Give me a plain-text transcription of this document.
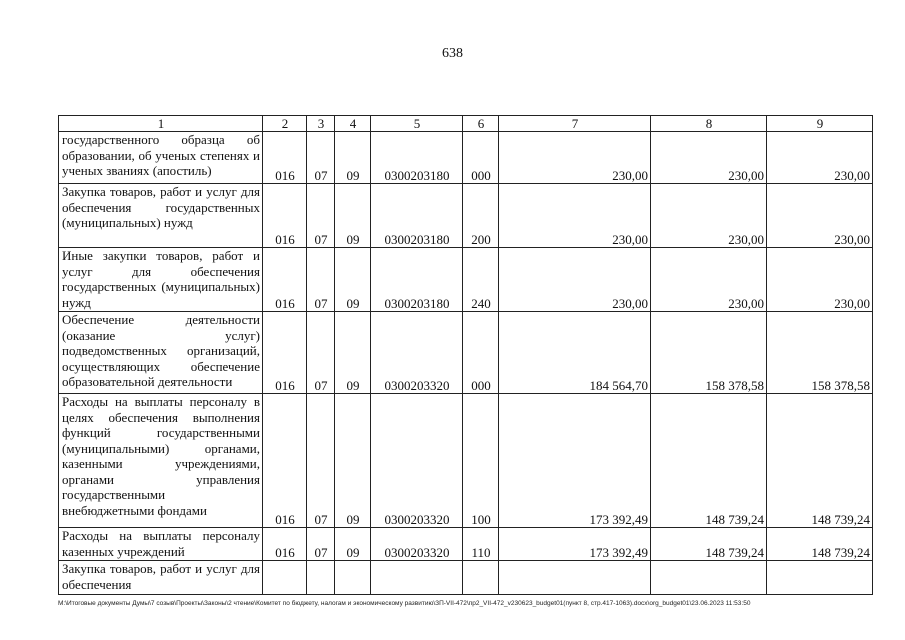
638
1	2	3	4	5	6	7	8	9
государственного образца об образовании, об ученых степенях и ученых званиях (апостиль)	016	07	09	0300203180	000	230,00	230,00	230,00
Закупка товаров, работ и услуг для обеспечения государственных (муниципальных) нужд	016	07	09	0300203180	200	230,00	230,00	230,00
Иные закупки товаров, работ и услуг для обеспечения государственных (муниципальных) нужд	016	07	09	0300203180	240	230,00	230,00	230,00
Обеспечение деятельности (оказание услуг) подведомственных организаций, осуществляющих обеспечение образовательной деятельности	016	07	09	0300203320	000	184 564,70	158 378,58	158 378,58
Расходы на выплаты персоналу в целях обеспечения выполнения функций государственными (муниципальными) органами, казенными учреждениями, органами управления государственными внебюджетными фондами	016	07	09	0300203320	100	173 392,49	148 739,24	148 739,24
Расходы на выплаты персоналу казенных учреждений	016	07	09	0300203320	110	173 392,49	148 739,24	148 739,24
Закупка товаров, работ и услуг для обеспечения								
M:\Итоговые документы Думы\7 созыв\Проекты\Законы\2 чтение\Комитет по бюджету, налогам и экономическому развитию\ЗП-VII-472\пр2_VII-472_v230623_budget01(пункт 8, стр.417-1063).docx\org_budget01\23.06.2023 11:53:50
